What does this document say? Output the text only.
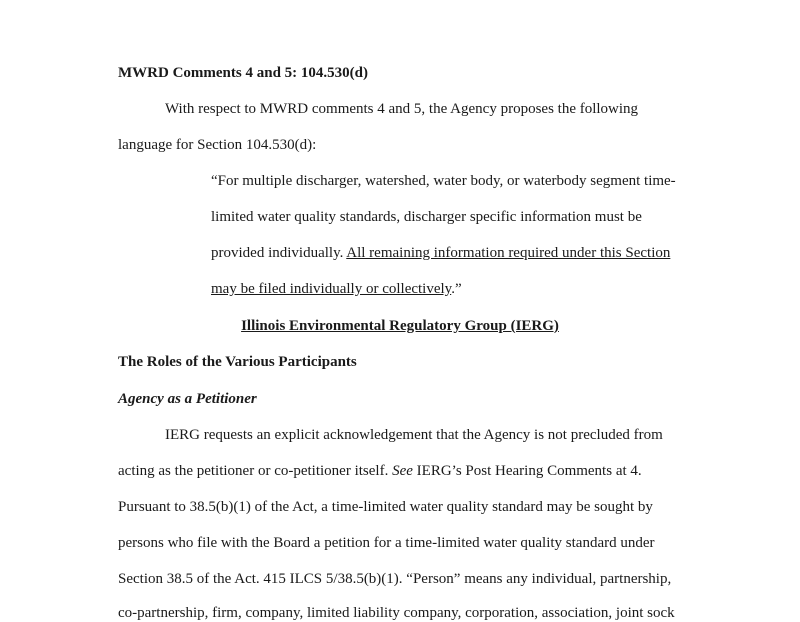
MWRD Comments 4 and 5: 104.530(d)
With respect to MWRD comments 4 and 5, the Agency proposes the following
language for Section 104.530(d):
“For multiple discharger, watershed, water body, or waterbody segment time-
limited water quality standards, discharger specific information must be
provided individually. All remaining information required under this Section
may be filed individually or collectively.”
Illinois Environmental Regulatory Group (IERG)
The Roles of the Various Participants
Agency as a Petitioner
IERG requests an explicit acknowledgement that the Agency is not precluded from
acting as the petitioner or co-petitioner itself. See IERG’s Post Hearing Comments at 4.
Pursuant to 38.5(b)(1) of the Act, a time-limited water quality standard may be sought by
persons who file with the Board a petition for a time-limited water quality standard under
Section 38.5 of the Act. 415 ILCS 5/38.5(b)(1). “Person” means any individual, partnership,
co-partnership, firm, company, limited liability company, corporation, association, joint sock
